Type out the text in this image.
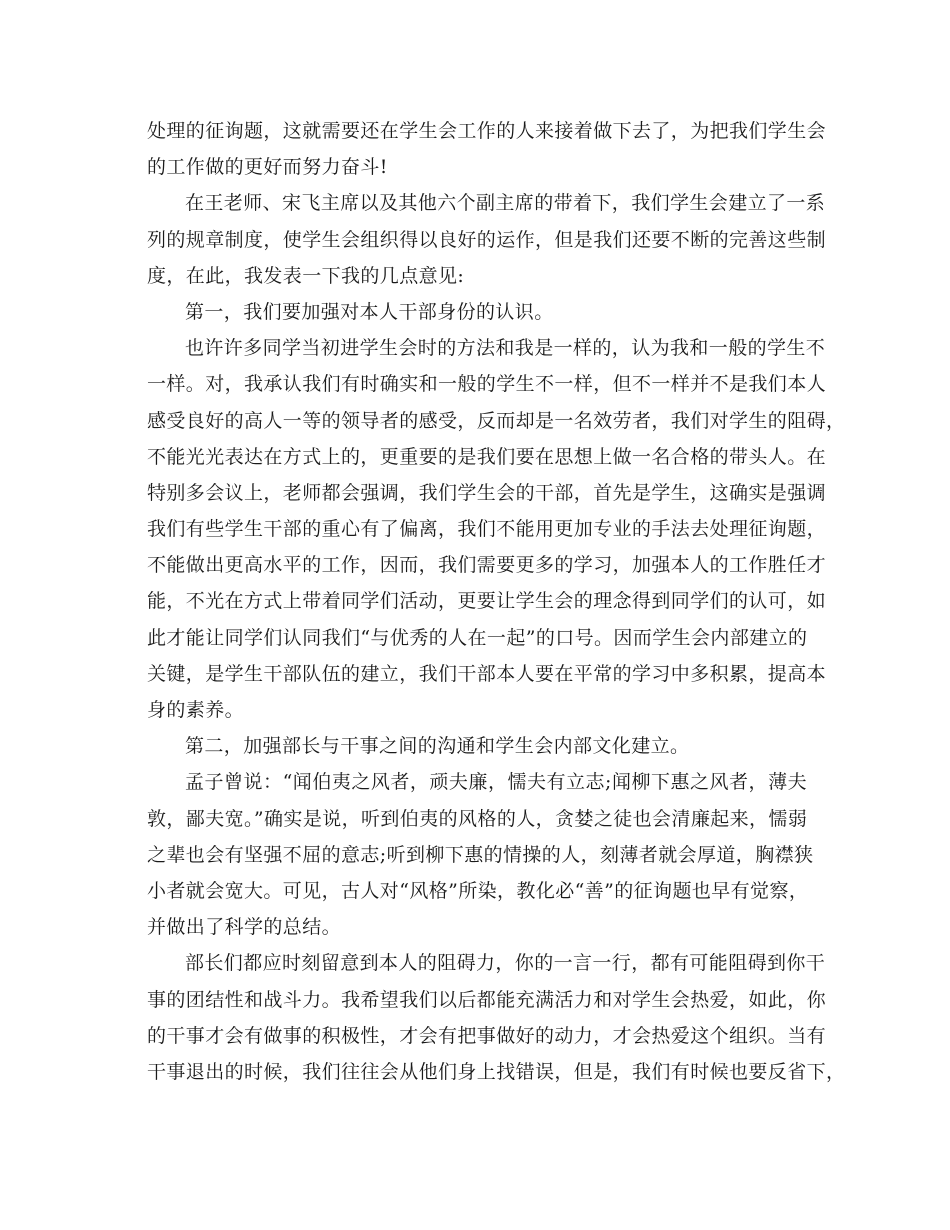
处理的征询题，这就需要还在学生会工作的人来接着做下去了，为把我们学生会
的工作做的更好而努力奋斗!
在王老师、宋飞主席以及其他六个副主席的带着下，我们学生会建立了一系
列的规章制度，使学生会组织得以良好的运作，但是我们还要不断的完善这些制
度，在此，我发表一下我的几点意见:
第一，我们要加强对本人干部身份的认识。
也许许多同学当初进学生会时的方法和我是一样的，认为我和一般的学生不
一样。对，我承认我们有时确实和一般的学生不一样，但不一样并不是我们本人
感受良好的高人一等的领导者的感受，反而却是一名效劳者，我们对学生的阻碍，
不能光光表达在方式上的，更重要的是我们要在思想上做一名合格的带头人。在
特别多会议上，老师都会强调，我们学生会的干部，首先是学生，这确实是强调
我们有些学生干部的重心有了偏离，我们不能用更加专业的手法去处理征询题，
不能做出更高水平的工作，因而，我们需要更多的学习，加强本人的工作胜任才
能，不光在方式上带着同学们活动，更要让学生会的理念得到同学们的认可，如
此才能让同学们认同我们“与优秀的人在一起”的口号。因而学生会内部建立的
关键，是学生干部队伍的建立，我们干部本人要在平常的学习中多积累，提高本
身的素养。
第二，加强部长与干事之间的沟通和学生会内部文化建立。
孟子曾说：“闻伯夷之风者，顽夫廉，懦夫有立志;闻柳下惠之风者，薄夫
敦，鄙夫宽。”确实是说，听到伯夷的风格的人，贪婪之徒也会清廉起来，懦弱
之辈也会有坚强不屈的意志;听到柳下惠的情操的人，刻薄者就会厚道，胸襟狭
小者就会宽大。可见，古人对“风格”所染，教化必“善”的征询题也早有觉察，
并做出了科学的总结。
部长们都应时刻留意到本人的阻碍力，你的一言一行，都有可能阻碍到你干
事的团结性和战斗力。我希望我们以后都能充满活力和对学生会热爱，如此，你
的干事才会有做事的积极性，才会有把事做好的动力，才会热爱这个组织。当有
干事退出的时候，我们往往会从他们身上找错误，但是，我们有时候也要反省下，
